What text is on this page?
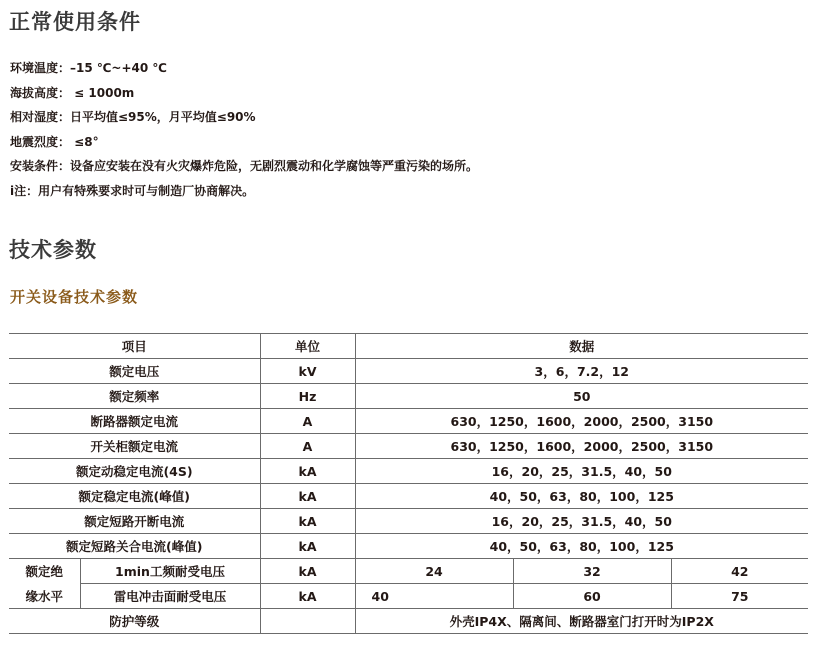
正常使用条件
环境温度：–15 ℃~+40 ℃
海拔高度： ≤ 1000m
相对湿度：日平均值≤95%，月平均值≤90%
地震烈度： ≤8°
安装条件：设备应安装在没有火灾爆炸危险，无剧烈震动和化学腐蚀等严重污染的场所。
i注：用户有特殊要求时可与制造厂协商解决。
技术参数
开关设备技术参数
项目		单位	数据		
额定电压		kV	3，6，7.2，12		
额定频率		Hz	50		
断路器额定电流		A	630，1250，1600，2000，2500，3150		
开关柜额定电流		A	630，1250，1600，2000，2500，3150		
额定动稳定电流(4S)		kA	16，20，25，31.5，40，50		
额定稳定电流(峰值)		kA	40，50，63，80，100，125		
额定短路开断电流		kA	16，20，25，31.5，40，50		
额定短路关合电流(峰值)		kA	40，50，63，80，100，125		
额定绝	1min工频耐受电压	kA	24	32	42
缘水平	雷电冲击面耐受电压	kA	40	60	75
防护等级			外壳IP4X、隔离间、断路器室门打开时为IP2X		
